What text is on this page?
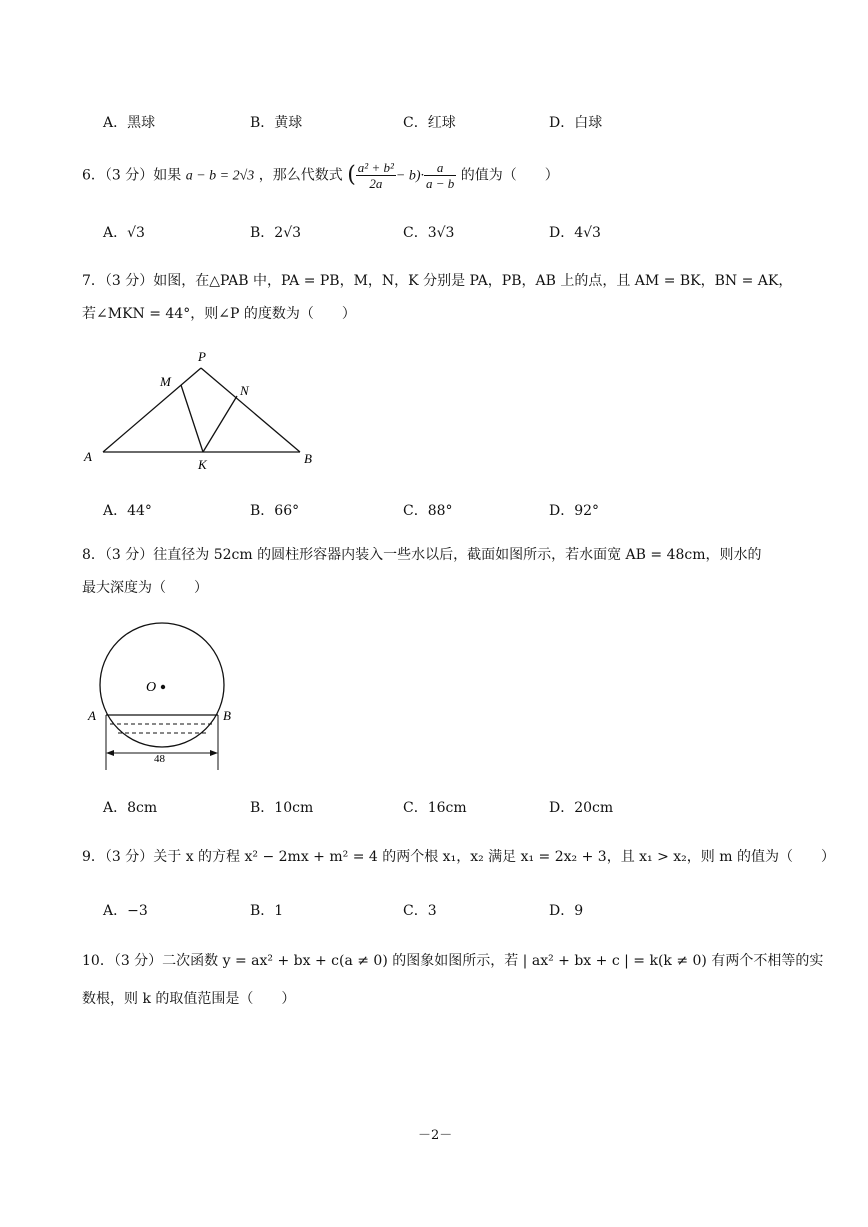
A．黑球	B．黄球	C．红球	D．白球
6．（3 分）如果 a − b = 2√3 ，那么代数式 ( $\frac{\text{a² + b²}}{2a} - b)\cdot \frac{a}{a - b}$ 的值为（　　）
A．√3	B．2√3	C．3√3	D．4√3
7．（3 分）如图，在△PAB 中，PA = PB，M，N，K 分别是 PA，PB，AB 上的点，且 AM = BK，BN = AK，
若∠MKN = 44°，则∠P 的度数为（　　）
P
M
N
A
K	B
A．44°	B．66°	C．88°	D．92°
8．（3 分）往直径为 52cm 的圆柱形容器内装入一些水以后，截面如图所示，若水面宽 AB = 48cm，则水的
最大深度为（　　）
O
A	B
48
A．8cm	B．10cm	C．16cm	D．20cm
9．（3 分）关于 x 的方程 x² − 2mx + m² = 4 的两个根 x₁，x₂ 满足 x₁ = 2x₂ + 3，且 x₁ > x₂，则 m 的值为（　　）
A．−3	B．1	C．3	D．9
10．（3 分）二次函数 y = ax² + bx + c(a ≠ 0) 的图象如图所示，若 | ax² + bx + c | = k(k ≠ 0) 有两个不相等的实
数根，则 k 的取值范围是（　　）
－2－
